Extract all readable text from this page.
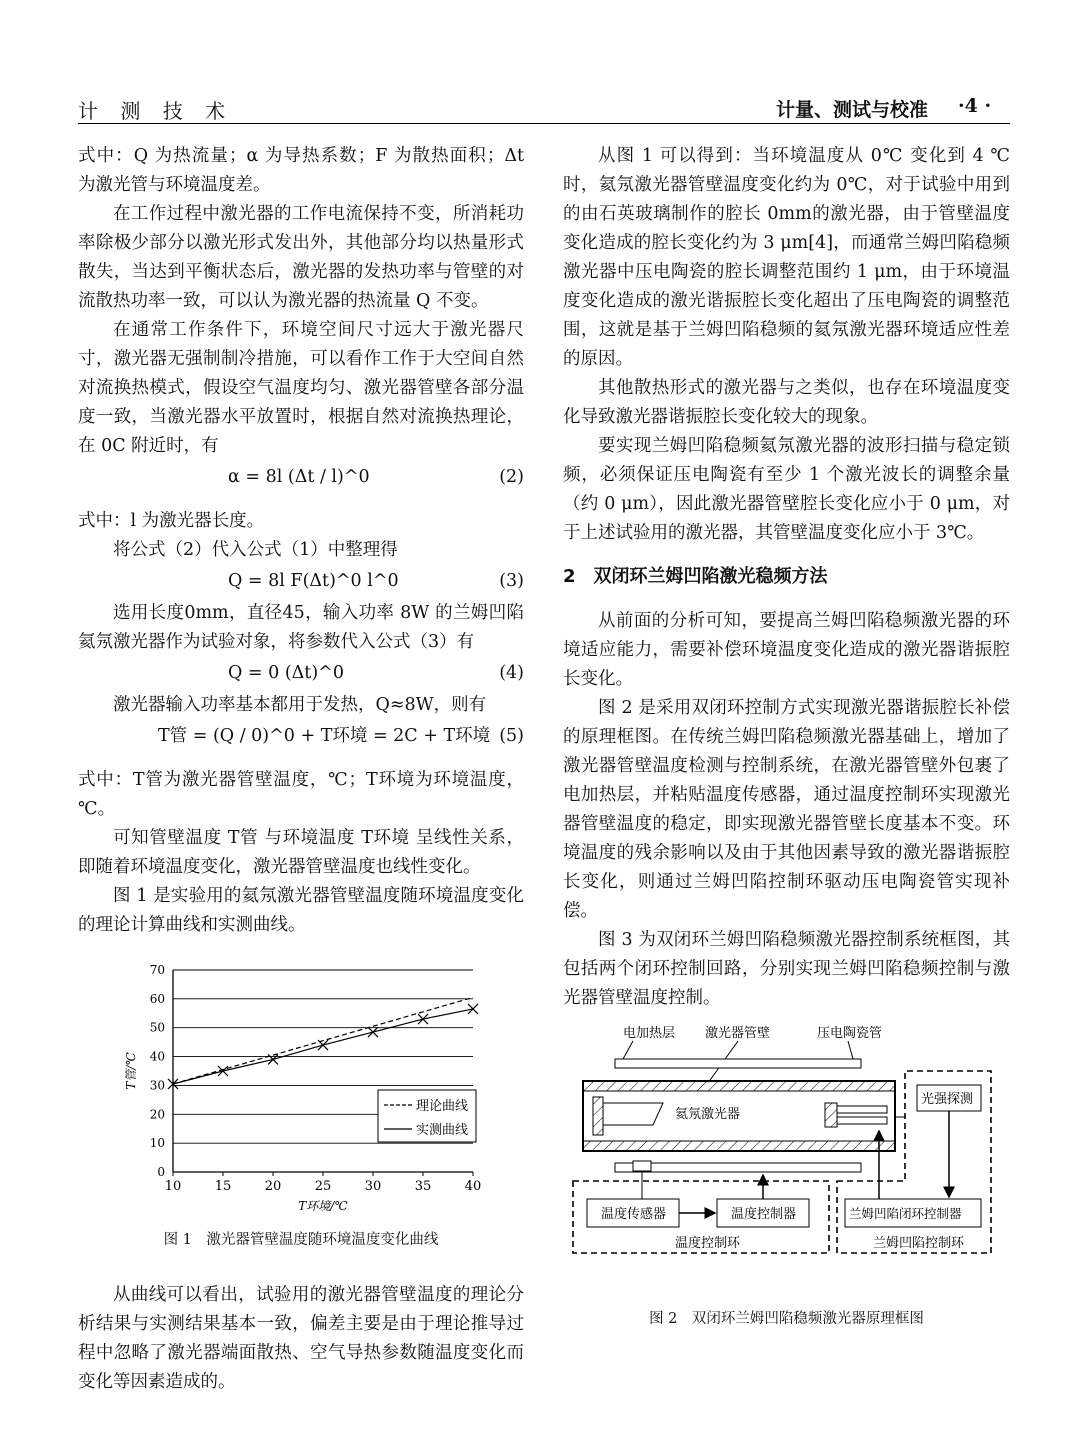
计 测 技 术	计量、测试与校准 ·4 ·

式中：Q 为热流量；α 为导热系数；F 为散热面积；Δt 为激光管与环境温度差。

在工作过程中激光器的工作电流保持不变，所消耗功率除极少部分以激光形式发出外，其他部分均以热量形式散失，当达到平衡状态后，激光器的发热功率与管壁的对流散热功率一致，可以认为激光器的热流量 Q 不变。

在通常工作条件下，环境空间尺寸远大于激光器尺寸，激光器无强制制冷措施，可以看作工作于大空间自然对流换热模式，假设空气温度均匀、激光器管壁各部分温度一致，当激光器水平放置时，根据自然对流换热理论，在 0C 附近时，有

α = 8l (Δt / l)^0	(2)

式中：l 为激光器长度。

将公式（2）代入公式（1）中整理得

Q = 8l F(Δt)^0 l^0	(3)

选用长度0mm，直径45，输入功率 8W 的兰姆凹陷氦氖激光器作为试验对象，将参数代入公式（3）有

Q = 0 (Δt)^0	(4)

激光器输入功率基本都用于发热，Q≈8W，则有

T管 = (Q / 0)^0 + T环境 = 2C + T环境 (5)

式中：T管为激光器管壁温度，℃；T环境为环境温度，℃。

可知管壁温度 T管 与环境温度 T环境 呈线性关系，即随着环境温度变化，激光器管壁温度也线性变化。

图 1 是实验用的氦氖激光器管壁温度随环境温度变化的理论计算曲线和实测曲线。

0
10
20
30
40
50
60
70
10	15	20	25	30	35	40
T环境/℃
T管/℃
理论曲线
实测曲线

图 1　激光器管壁温度随环境温度变化曲线

从曲线可以看出，试验用的激光器管壁温度的理论分析结果与实测结果基本一致，偏差主要是由于理论推导过程中忽略了激光器端面散热、空气导热参数随温度变化而变化等因素造成的。

从图 1 可以得到：当环境温度从 0℃ 变化到 4 ℃时，氦氖激光器管壁温度变化约为 0℃，对于试验中用到的由石英玻璃制作的腔长 0mm的激光器，由于管壁温度变化造成的腔长变化约为 3 μm[4]，而通常兰姆凹陷稳频激光器中压电陶瓷的腔长调整范围约 1 μm，由于环境温度变化造成的激光谐振腔长变化超出了压电陶瓷的调整范围，这就是基于兰姆凹陷稳频的氦氖激光器环境适应性差的原因。

其他散热形式的激光器与之类似，也存在环境温度变化导致激光器谐振腔长变化较大的现象。

要实现兰姆凹陷稳频氦氖激光器的波形扫描与稳定锁频，必须保证压电陶瓷有至少 1 个激光波长的调整余量（约 0 μm），因此激光器管壁腔长变化应小于 0 μm，对于上述试验用的激光器，其管壁温度变化应小于 3℃。

2　双闭环兰姆凹陷激光稳频方法

从前面的分析可知，要提高兰姆凹陷稳频激光器的环境适应能力，需要补偿环境温度变化造成的激光器谐振腔长变化。

图 2 是采用双闭环控制方式实现激光器谐振腔长补偿的原理框图。在传统兰姆凹陷稳频激光器基础上，增加了激光器管壁温度检测与控制系统，在激光器管壁外包裹了电加热层，并粘贴温度传感器，通过温度控制环实现激光器管壁温度的稳定，即实现激光器管壁长度基本不变。环境温度的残余影响以及由于其他因素导致的激光器谐振腔长变化，则通过兰姆凹陷控制环驱动压电陶瓷管实现补偿。

图 3 为双闭环兰姆凹陷稳频激光器控制系统框图，其包括两个闭环控制回路，分别实现兰姆凹陷稳频控制与激光器管壁温度控制。

电加热层 激光器管壁	压电陶瓷管
氦氖激光器
温度传感器	温度控制器
温度控制环
光强探测
兰姆凹陷闭环控制器
兰姆凹陷控制环

图 2　双闭环兰姆凹陷稳频激光器原理框图
